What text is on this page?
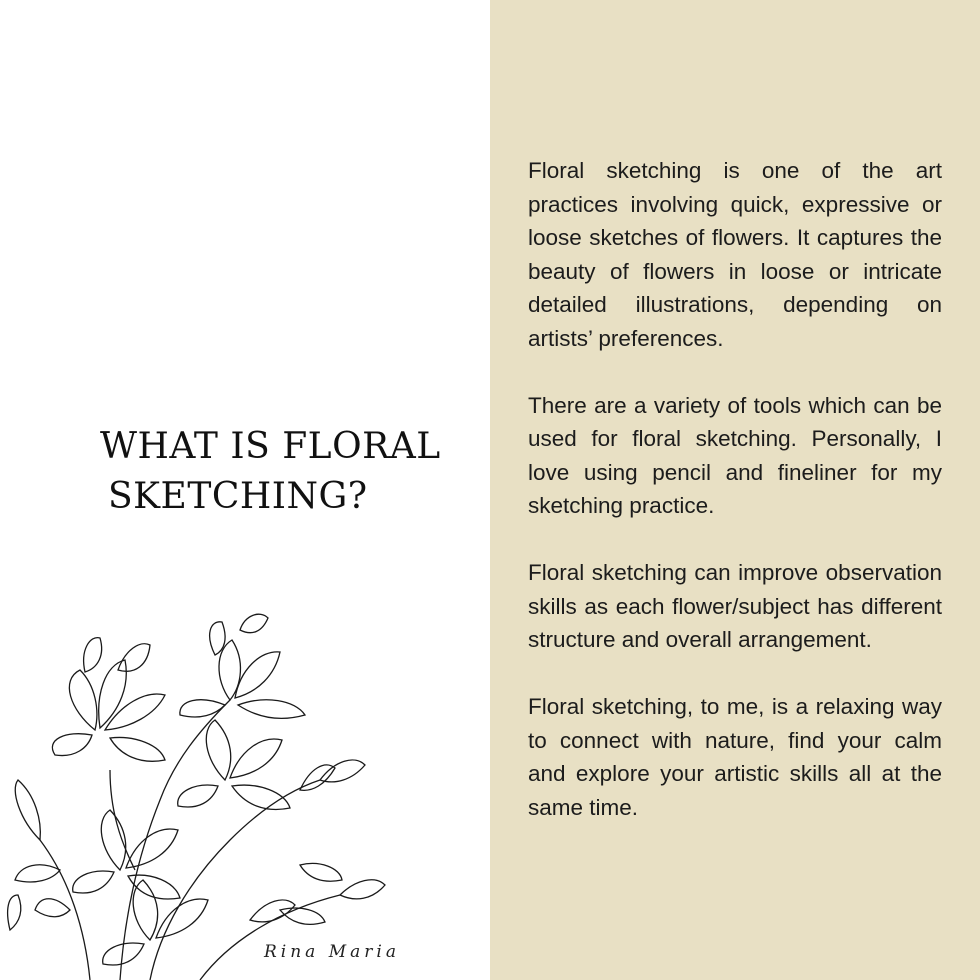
WHAT IS FLORAL

SKETCHING?
Rina Maria

Floral sketching is one of the art practices involving quick, expressive or loose sketches of flowers. It captures the beauty of flowers in loose or intricate detailed illustrations, depending on artists’ preferences.

There are a variety of tools which can be used for floral sketching. Personally, I love using pencil and fineliner for my sketching practice.

Floral sketching can improve observation skills as each flower/subject has different structure and overall arrangement.

Floral sketching, to me, is a relaxing way to connect with nature, find your calm and explore your artistic skills all at the same time.
